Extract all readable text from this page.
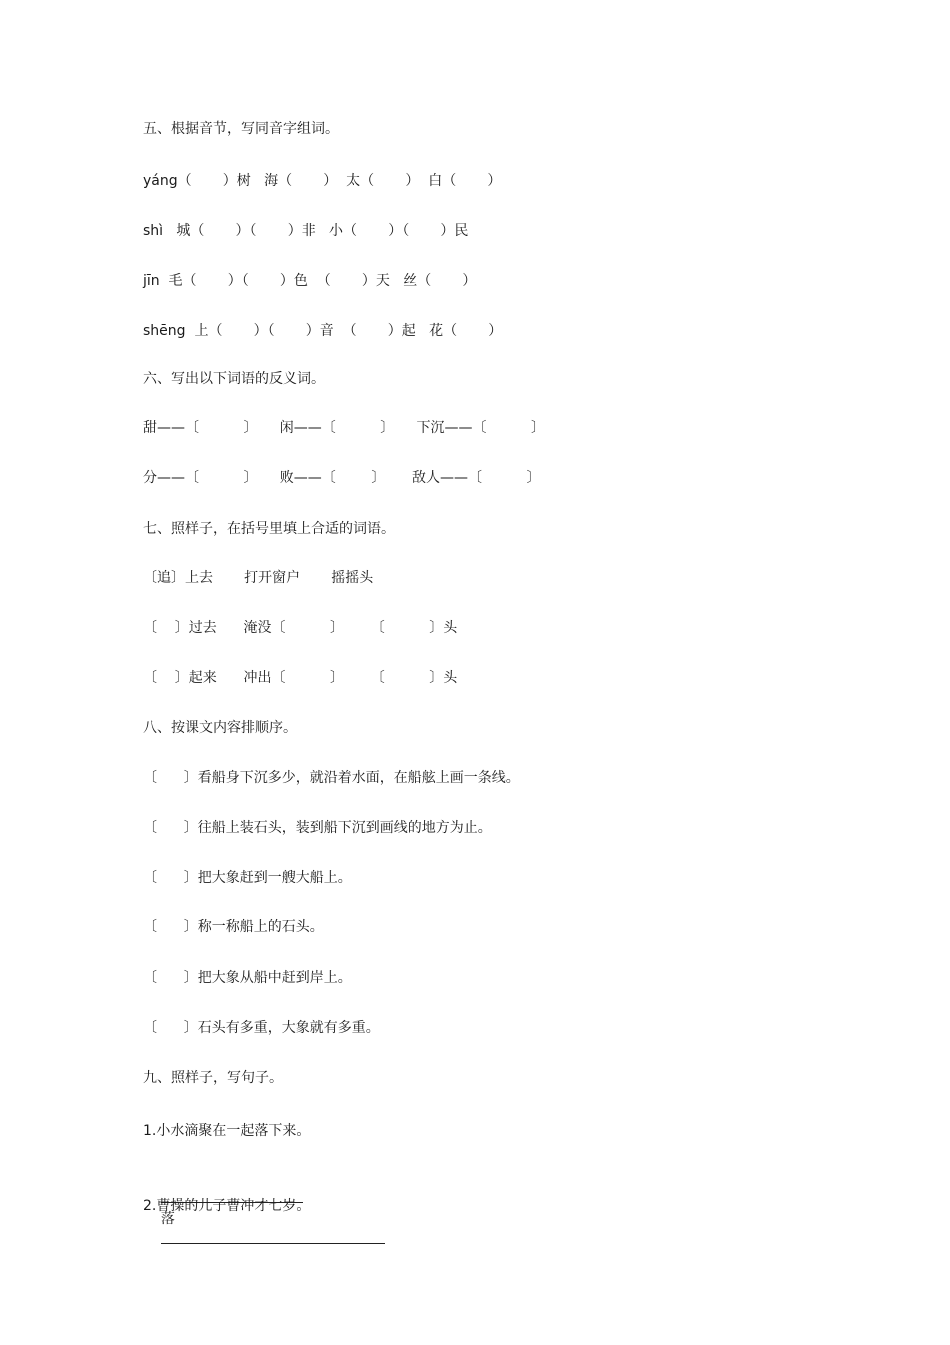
五、根据音节，写同音字组词。
yáng（       ）树   海（       ）  太（       ）  白（       ）
shì   城（       ）（       ）非   小（       ）（       ）民
jīn  毛（       ）（       ）色  （       ）天   丝（       ）
shēng  上（       ）（       ）音  （       ）起   花（       ）
六、写出以下词语的反义词。
甜——〔          〕     闲——〔          〕     下沉——〔          〕
分——〔          〕     败——〔        〕      敌人——〔          〕
七、照样子，在括号里填上合适的词语。
〔追〕上去       打开窗户       摇摇头
〔    〕过去      淹没〔          〕      〔          〕头
〔    〕起来      冲出〔          〕      〔          〕头
八、按课文内容排顺序。
〔      〕看船身下沉多少，就沿着水面，在船舷上画一条线。
〔      〕往船上装石头，装到船下沉到画线的地方为止。
〔      〕把大象赶到一艘大船上。
〔      〕称一称船上的石头。
〔      〕把大象从船中赶到岸上。
〔      〕石头有多重，大象就有多重。
九、照样子，写句子。
1.小水滴聚在一起落下来。

落

2.曹操的儿子曹冲才七岁。
